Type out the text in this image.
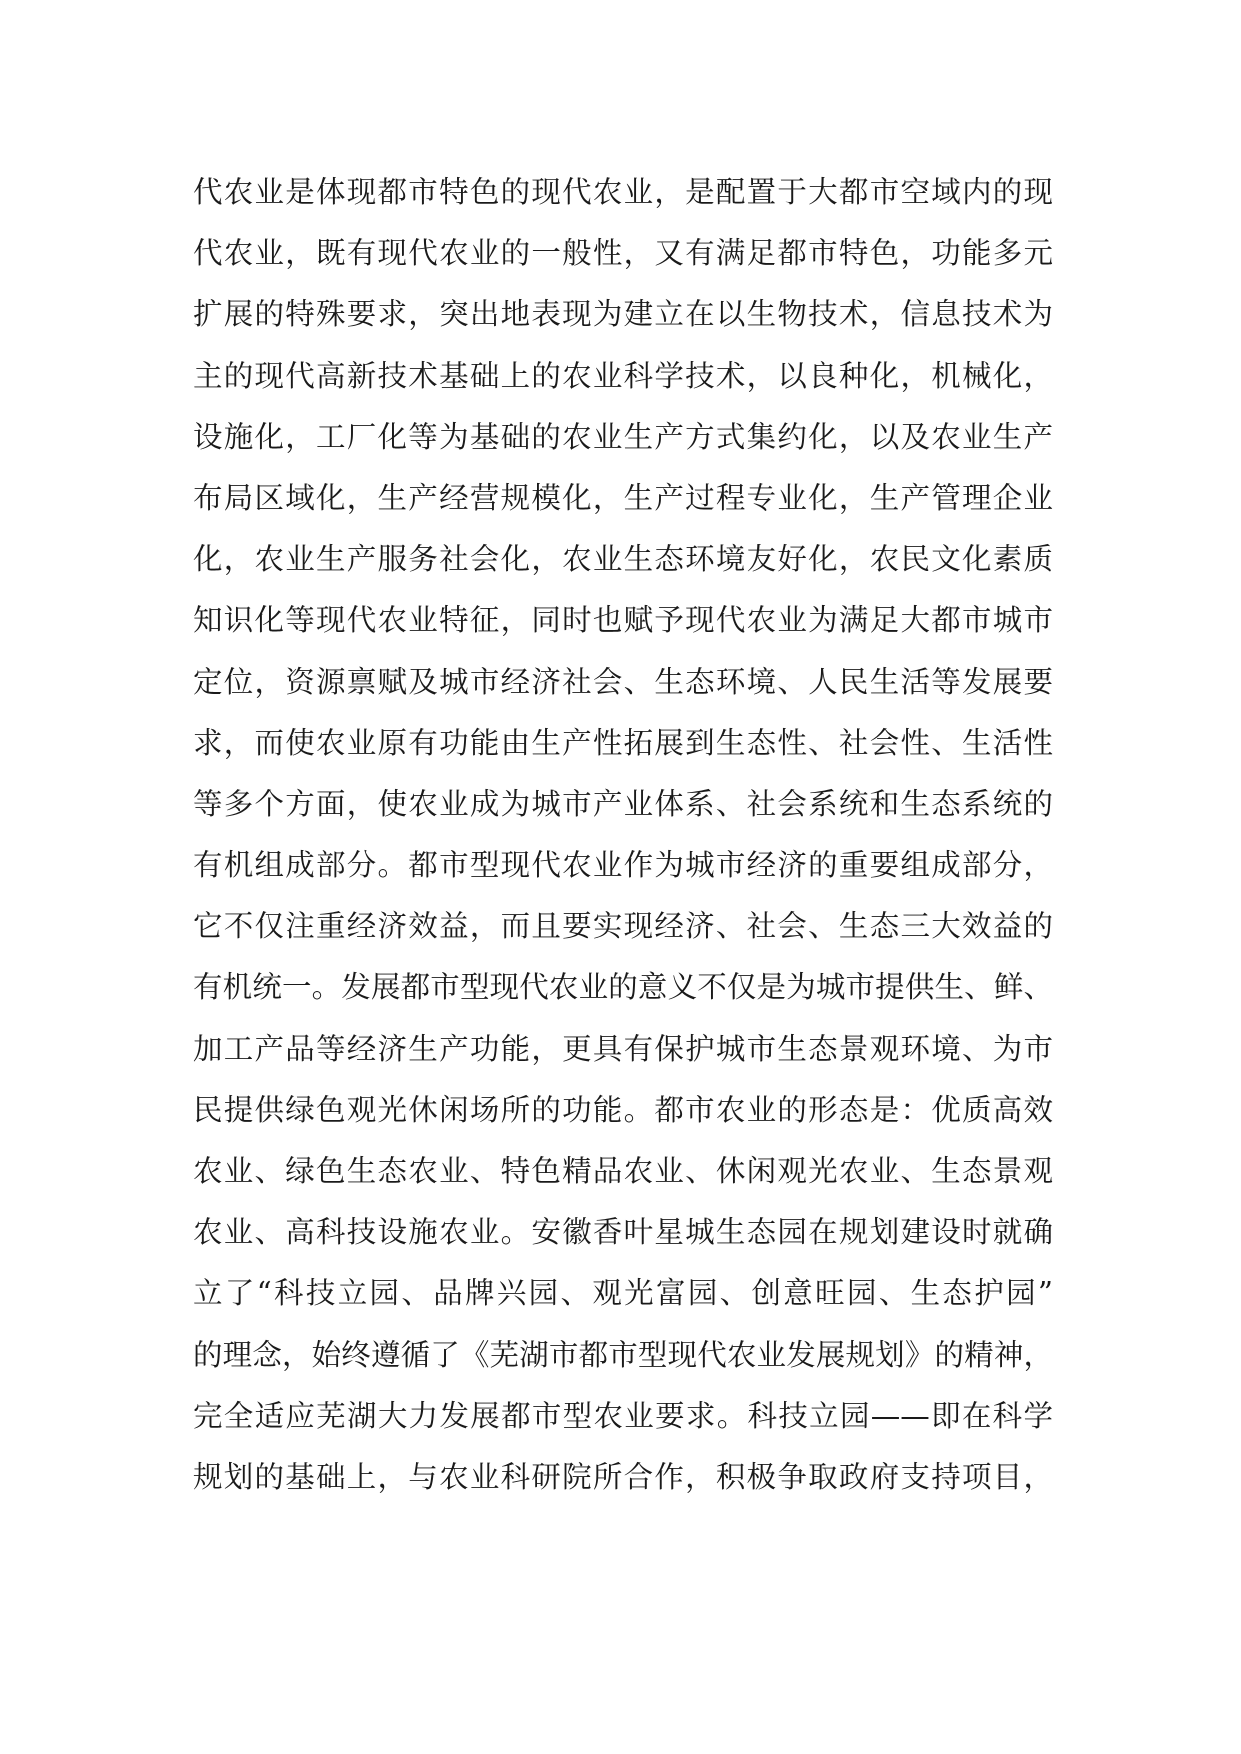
代农业是体现都市特色的现代农业，是配置于大都市空域内的现
代农业，既有现代农业的一般性，又有满足都市特色，功能多元
扩展的特殊要求，突出地表现为建立在以生物技术，信息技术为
主的现代高新技术基础上的农业科学技术，以良种化，机械化，
设施化，工厂化等为基础的农业生产方式集约化，以及农业生产
布局区域化，生产经营规模化，生产过程专业化，生产管理企业
化，农业生产服务社会化，农业生态环境友好化，农民文化素质
知识化等现代农业特征，同时也赋予现代农业为满足大都市城市
定位，资源禀赋及城市经济社会、生态环境、人民生活等发展要
求，而使农业原有功能由生产性拓展到生态性、社会性、生活性
等多个方面，使农业成为城市产业体系、社会系统和生态系统的
有机组成部分。都市型现代农业作为城市经济的重要组成部分，
它不仅注重经济效益，而且要实现经济、社会、生态三大效益的
有机统一。发展都市型现代农业的意义不仅是为城市提供生、鲜、
加工产品等经济生产功能，更具有保护城市生态景观环境、为市
民提供绿色观光休闲场所的功能。都市农业的形态是：优质高效
农业、绿色生态农业、特色精品农业、休闲观光农业、生态景观
农业、高科技设施农业。安徽香叶星城生态园在规划建设时就确
立了“科技立园、品牌兴园、观光富园、创意旺园、生态护园”
的理念，始终遵循了《芜湖市都市型现代农业发展规划》的精神，
完全适应芜湖大力发展都市型农业要求。科技立园——即在科学
规划的基础上，与农业科研院所合作，积极争取政府支持项目，
